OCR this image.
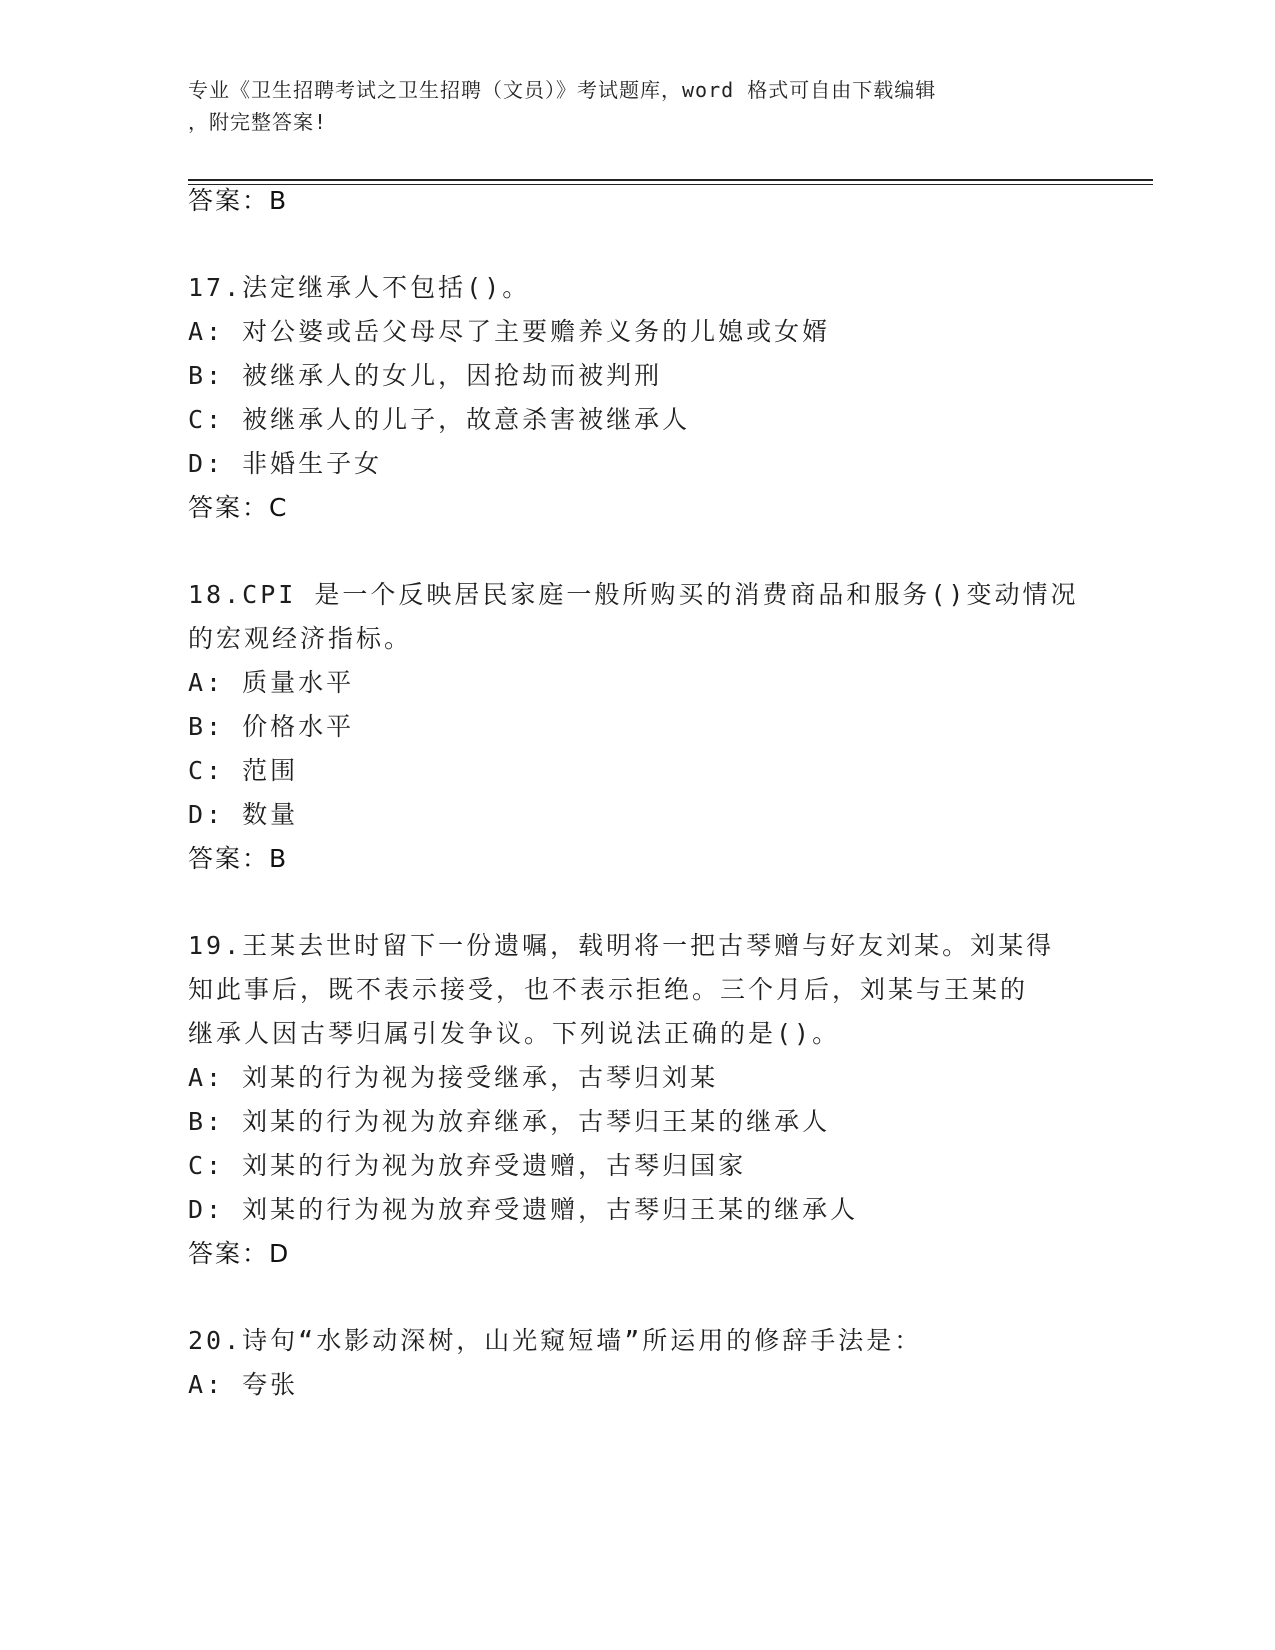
专业《卫生招聘考试之卫生招聘（文员）》考试题库，word 格式可自由下载编辑
，附完整答案!
答案：B
17.法定继承人不包括()。
A: 对公婆或岳父母尽了主要赡养义务的儿媳或女婿
B: 被继承人的女儿，因抢劫而被判刑
C: 被继承人的儿子，故意杀害被继承人
D: 非婚生子女
答案：C
18.CPI 是一个反映居民家庭一般所购买的消费商品和服务()变动情况
的宏观经济指标。
A: 质量水平
B: 价格水平
C: 范围
D: 数量
答案：B
19.王某去世时留下一份遗嘱，载明将一把古琴赠与好友刘某。刘某得
知此事后，既不表示接受，也不表示拒绝。三个月后，刘某与王某的
继承人因古琴归属引发争议。下列说法正确的是()。
A: 刘某的行为视为接受继承，古琴归刘某
B: 刘某的行为视为放弃继承，古琴归王某的继承人
C: 刘某的行为视为放弃受遗赠，古琴归国家
D: 刘某的行为视为放弃受遗赠，古琴归王某的继承人
答案：D
20.诗句“水影动深树，山光窥短墙”所运用的修辞手法是：
A: 夸张
